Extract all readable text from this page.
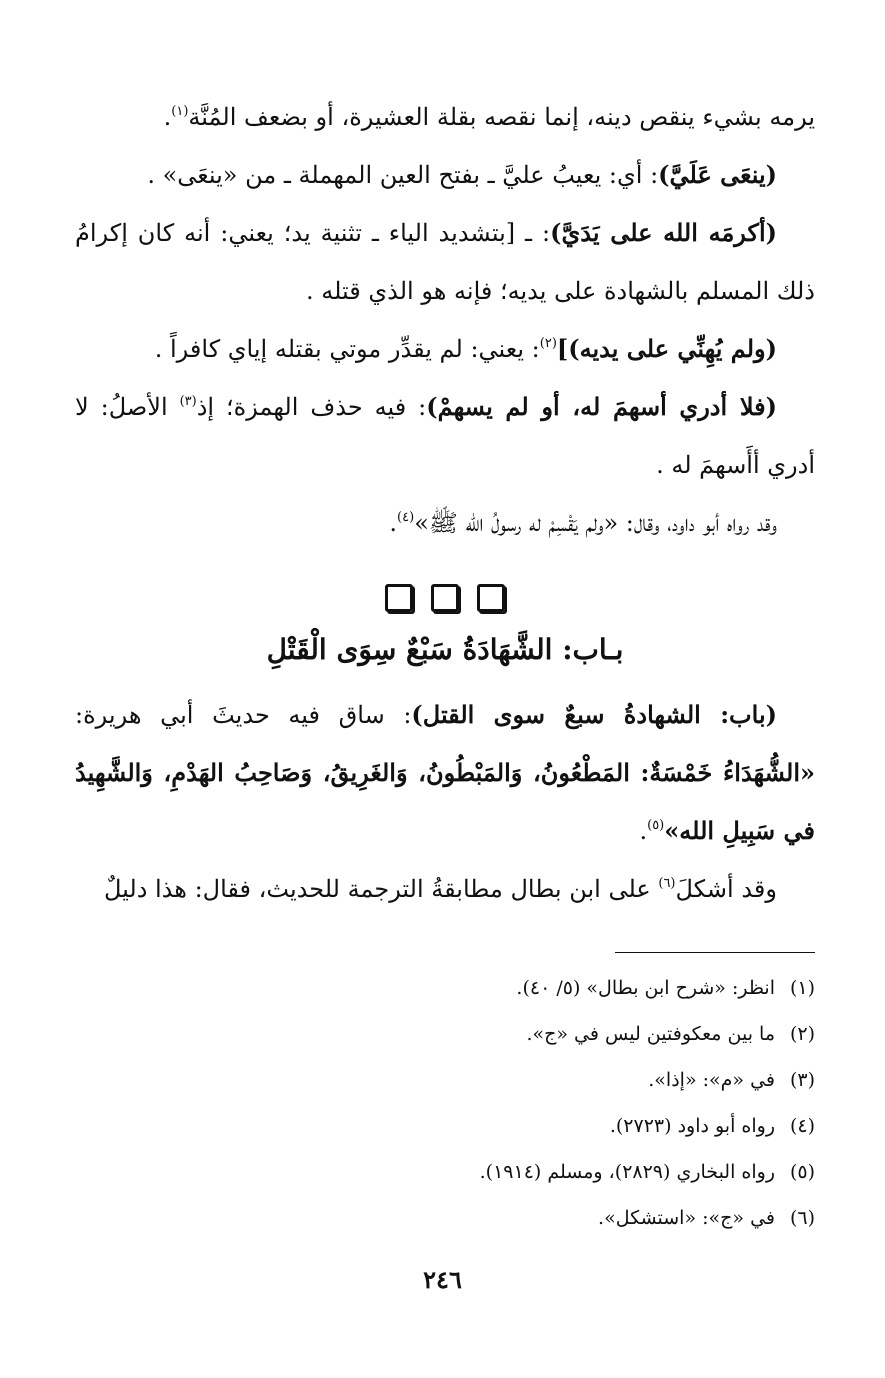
يرمه بشيء ينقص دينه، إنما نقصه بقلة العشيرة، أو بضعف المُنَّة$^{(١)}$.

(ينعَى عَلَيَّ): أي: يعيبُ عليَّ ـ بفتح العين المهملة ـ من «ينعَى» .

(أكرمَه الله على يَدَيَّ): ـ [بتشديد الياء ـ تثنية يد؛ يعني: أنه كان إكرامُ ذلك المسلم بالشهادة على يديه؛ فإنه هو الذي قتله .

(ولم يُهِنِّي على يديه)]$^{(٢)}$: يعني: لم يقدِّر موتي بقتله إياي كافراً .

(فلا أدري أسهمَ له، أو لم يسهمْ): فيه حذف الهمزة؛ إذ$^{(٣)}$ الأصلُ: لا أدري أأَسهمَ له .

وقد رواه أبو داود، وقال: «ولم يَقْسِمْ له رسولُ الله ﷺ»$^{(٤)}$.

بـاب: الشَّهَادَةُ سَبْعٌ سِوَى الْقَتْلِ

(باب: الشهادةُ سبعٌ سوى القتل): ساق فيه حديثَ أبي هريرة: «الشُّهَدَاءُ خَمْسَةٌ: المَطْعُونُ، وَالمَبْطُونُ، وَالغَرِيقُ، وَصَاحِبُ الهَدْمِ، وَالشَّهِيدُ في سَبِيلِ الله»$^{(٥)}$.

وقد أشكلَ$^{(٦)}$ على ابن بطال مطابقةُ الترجمة للحديث، فقال: هذا دليلٌ

(١)انظر: «شرح ابن بطال» (٥/ ٤٠).

(٢)ما بين معكوفتين ليس في «ج».

(٣)في «م»: «إذا».

(٤)رواه أبو داود (٢٧٢٣).

(٥)رواه البخاري (٢٨٢٩)، ومسلم (١٩١٤).

(٦)في «ج»: «استشكل».

٢٤٦
